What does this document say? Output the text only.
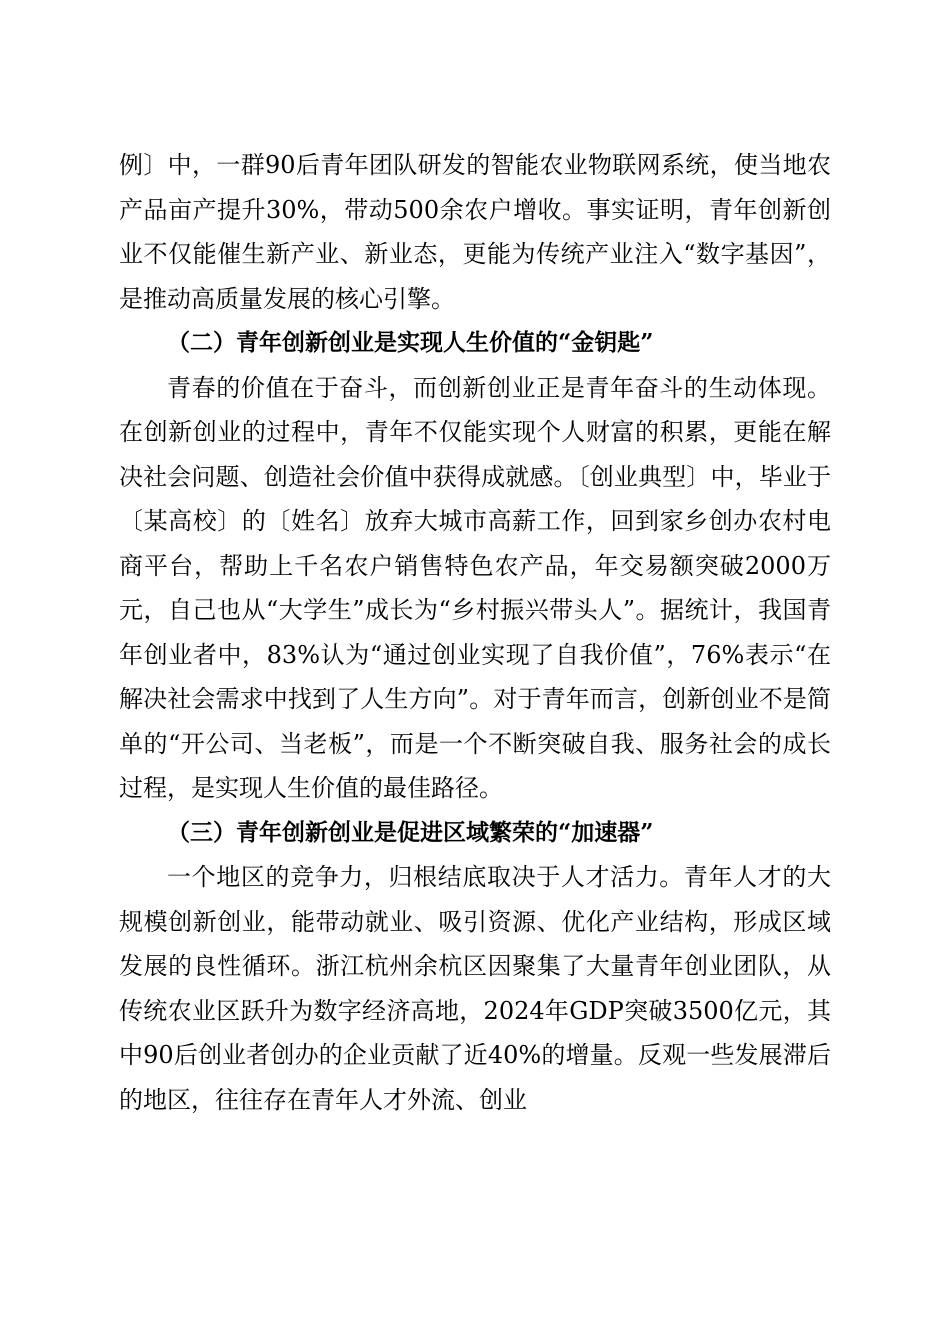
例〕中，一群90后青年团队研发的智能农业物联网系统，使当地农产品亩产提升30%，带动500余农户增收。事实证明，青年创新创业不仅能催生新产业、新业态，更能为传统产业注入“数字基因”，是推动高质量发展的核心引擎。

（二）青年创新创业是实现人生价值的“金钥匙”

青春的价值在于奋斗，而创新创业正是青年奋斗的生动体现。在创新创业的过程中，青年不仅能实现个人财富的积累，更能在解决社会问题、创造社会价值中获得成就感。〔创业典型〕中，毕业于〔某高校〕的〔姓名〕放弃大城市高薪工作，回到家乡创办农村电商平台，帮助上千名农户销售特色农产品，年交易额突破2000万元，自己也从“大学生”成长为“乡村振兴带头人”。据统计，我国青年创业者中，83%认为“通过创业实现了自我价值”，76%表示“在解决社会需求中找到了人生方向”。对于青年而言，创新创业不是简单的“开公司、当老板”，而是一个不断突破自我、服务社会的成长过程，是实现人生价值的最佳路径。

（三）青年创新创业是促进区域繁荣的“加速器”

一个地区的竞争力，归根结底取决于人才活力。青年人才的大规模创新创业，能带动就业、吸引资源、优化产业结构，形成区域发展的良性循环。浙江杭州余杭区因聚集了大量青年创业团队，从传统农业区跃升为数字经济高地，2024年GDP突破3500亿元，其中90后创业者创办的企业贡献了近40%的增量。反观一些发展滞后的地区，往往存在青年人才外流、创业
